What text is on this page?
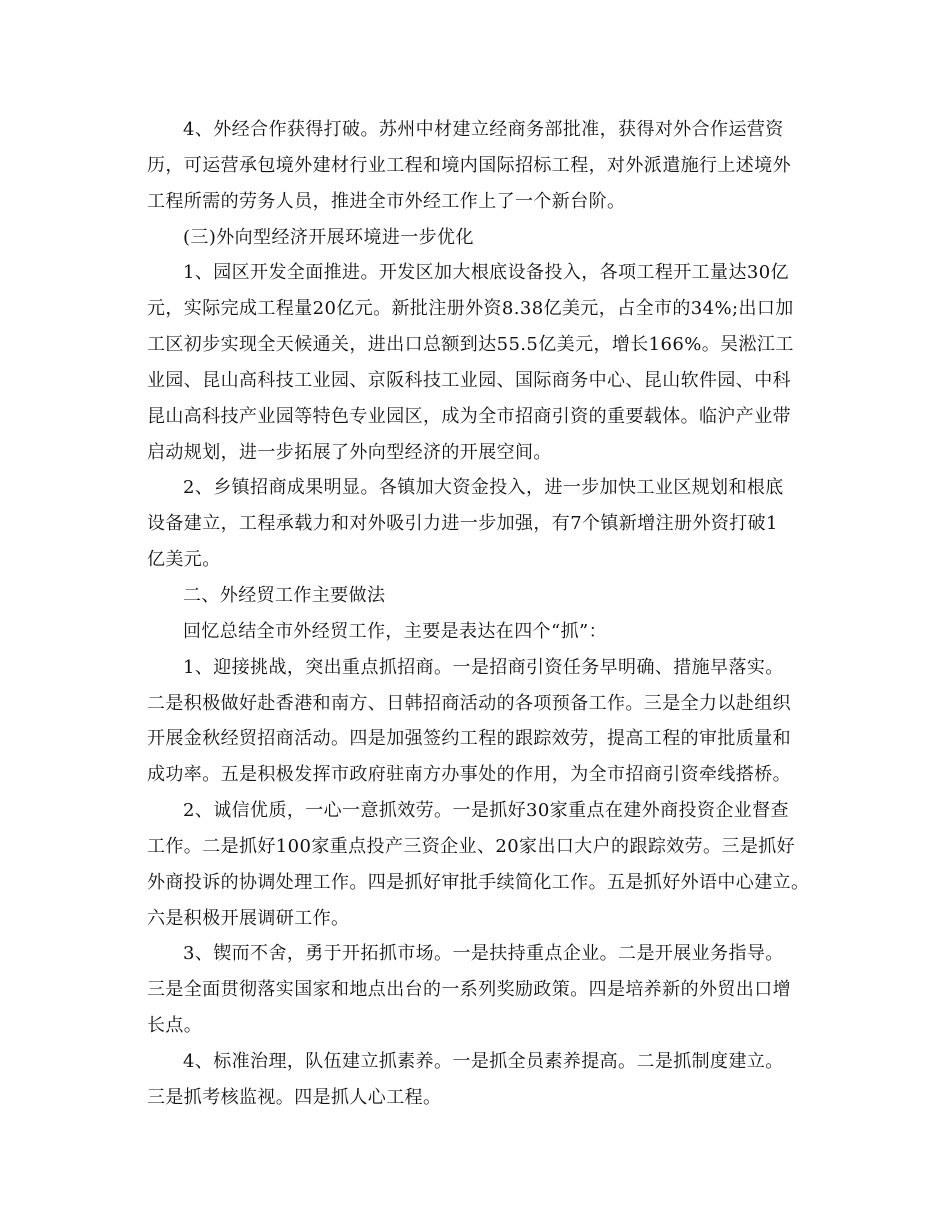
4、外经合作获得打破。苏州中材建立经商务部批准，获得对外合作运营资
历，可运营承包境外建材行业工程和境内国际招标工程，对外派遣施行上述境外
工程所需的劳务人员，推进全市外经工作上了一个新台阶。
(三)外向型经济开展环境进一步优化
1、园区开发全面推进。开发区加大根底设备投入，各项工程开工量达30亿
元，实际完成工程量20亿元。新批注册外资8.38亿美元，占全市的34%;出口加
工区初步实现全天候通关，进出口总额到达55.5亿美元，增长166%。吴淞江工
业园、昆山高科技工业园、京阪科技工业园、国际商务中心、昆山软件园、中科
昆山高科技产业园等特色专业园区，成为全市招商引资的重要载体。临沪产业带
启动规划，进一步拓展了外向型经济的开展空间。
2、乡镇招商成果明显。各镇加大资金投入，进一步加快工业区规划和根底
设备建立，工程承载力和对外吸引力进一步加强，有7个镇新增注册外资打破1
亿美元。
二、外经贸工作主要做法
回忆总结全市外经贸工作，主要是表达在四个“抓”：
1、迎接挑战，突出重点抓招商。一是招商引资任务早明确、措施早落实。
二是积极做好赴香港和南方、日韩招商活动的各项预备工作。三是全力以赴组织
开展金秋经贸招商活动。四是加强签约工程的跟踪效劳，提高工程的审批质量和
成功率。五是积极发挥市政府驻南方办事处的作用，为全市招商引资牵线搭桥。
2、诚信优质，一心一意抓效劳。一是抓好30家重点在建外商投资企业督查
工作。二是抓好100家重点投产三资企业、20家出口大户的跟踪效劳。三是抓好
外商投诉的协调处理工作。四是抓好审批手续简化工作。五是抓好外语中心建立。
六是积极开展调研工作。
3、锲而不舍，勇于开拓抓市场。一是扶持重点企业。二是开展业务指导。
三是全面贯彻落实国家和地点出台的一系列奖励政策。四是培养新的外贸出口增
长点。
4、标准治理，队伍建立抓素养。一是抓全员素养提高。二是抓制度建立。
三是抓考核监视。四是抓人心工程。
